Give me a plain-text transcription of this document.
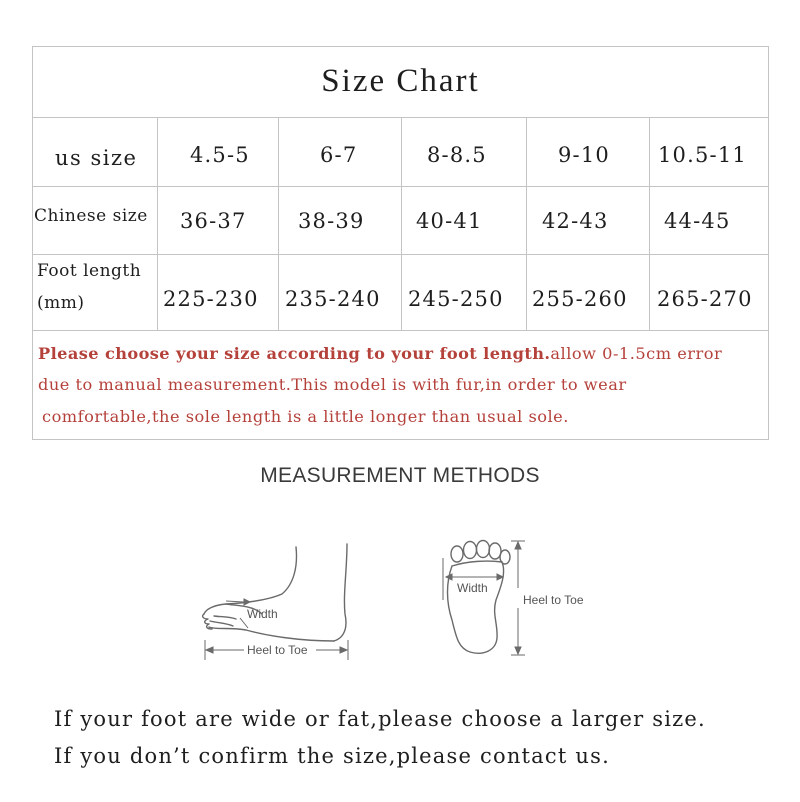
Size Chart
us size	4.5-5	6-7	8-8.5	9-10 10.5-11
Chinese size 36-37 38-39 40-41	42-43	44-45
Foot length
(mm)	225-230 235-240 245-250 255-260 265-270
Please choose your size according to your foot length.allow 0-1.5cm error
due to manual measurement.This model is with fur,in order to wear
comfortable,the sole length is a little longer than usual sole.
MEASUREMENT METHODS
Width
Heel to Toe
Width
Heel to Toe
If your foot are wide or fat,please choose a larger size.
If you don’t confirm the size,please contact us.
